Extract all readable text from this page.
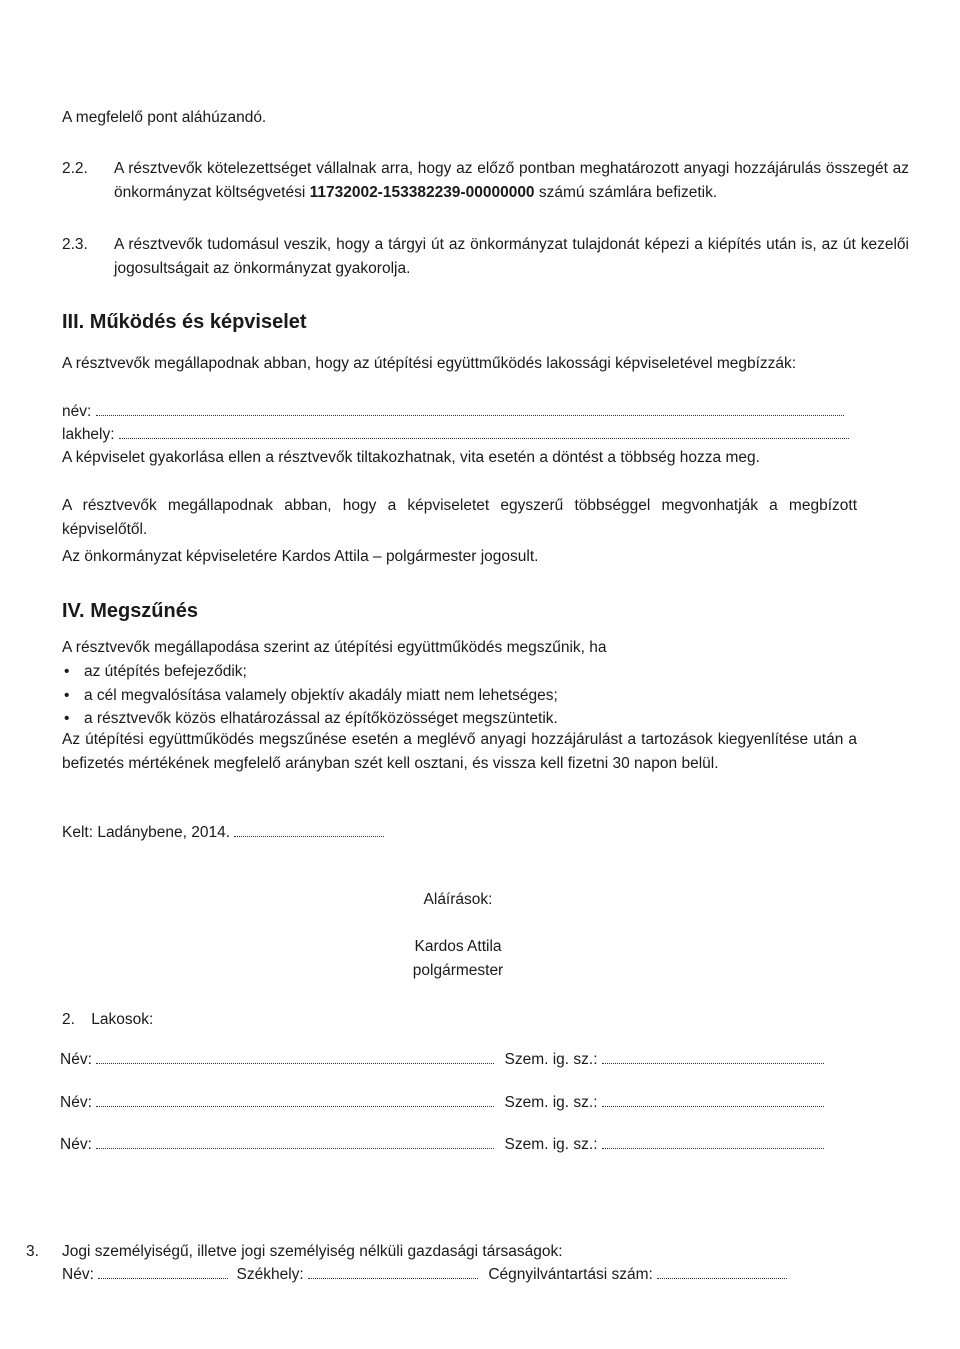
A megfelelő pont aláhúzandó.
2.2. A résztvevők kötelezettséget vállalnak arra, hogy az előző pontban meghatározott anyagi hozzájárulás összegét az önkormányzat költségvetési 11732002-153382239-00000000 számú számlára befizetik.
2.3. A résztvevők tudomásul veszik, hogy a tárgyi út az önkormányzat tulajdonát képezi a kiépítés után is, az út kezelői jogosultságait az önkormányzat gyakorolja.
III. Működés és képviselet
A résztvevők megállapodnak abban, hogy az útépítési együttműködés lakossági képviseletével megbízzák:
név:
lakhely:
A képviselet gyakorlása ellen a résztvevők tiltakozhatnak, vita esetén a döntést a többség hozza meg.
A résztvevők megállapodnak abban, hogy a képviseletet egyszerű többséggel megvonhatják a megbízott képviselőtől.
Az önkormányzat képviseletére Kardos Attila – polgármester jogosult.
IV. Megszűnés
A résztvevők megállapodása szerint az útépítési együttműködés megszűnik, ha
• az útépítés befejeződik;
• a cél megvalósítása valamely objektív akadály miatt nem lehetséges;
• a résztvevők közös elhatározással az építőközösséget megszüntetik.
Az útépítési együttműködés megszűnése esetén a meglévő anyagi hozzájárulást a tartozások kiegyenlítése után a befizetés mértékének megfelelő arányban szét kell osztani, és vissza kell fizetni 30 napon belül.
Kelt: Ladánybene, 2014.
Aláírások:
Kardos Attila
polgármester
2. Lakosok:
Név:	Szem. ig. sz.:
Név:	Szem. ig. sz.:
Név:	Szem. ig. sz.:
3. Jogi személyiségű, illetve jogi személyiség nélküli gazdasági társaságok:
Név:	Székhely:	Cégnyilvántartási szám:
